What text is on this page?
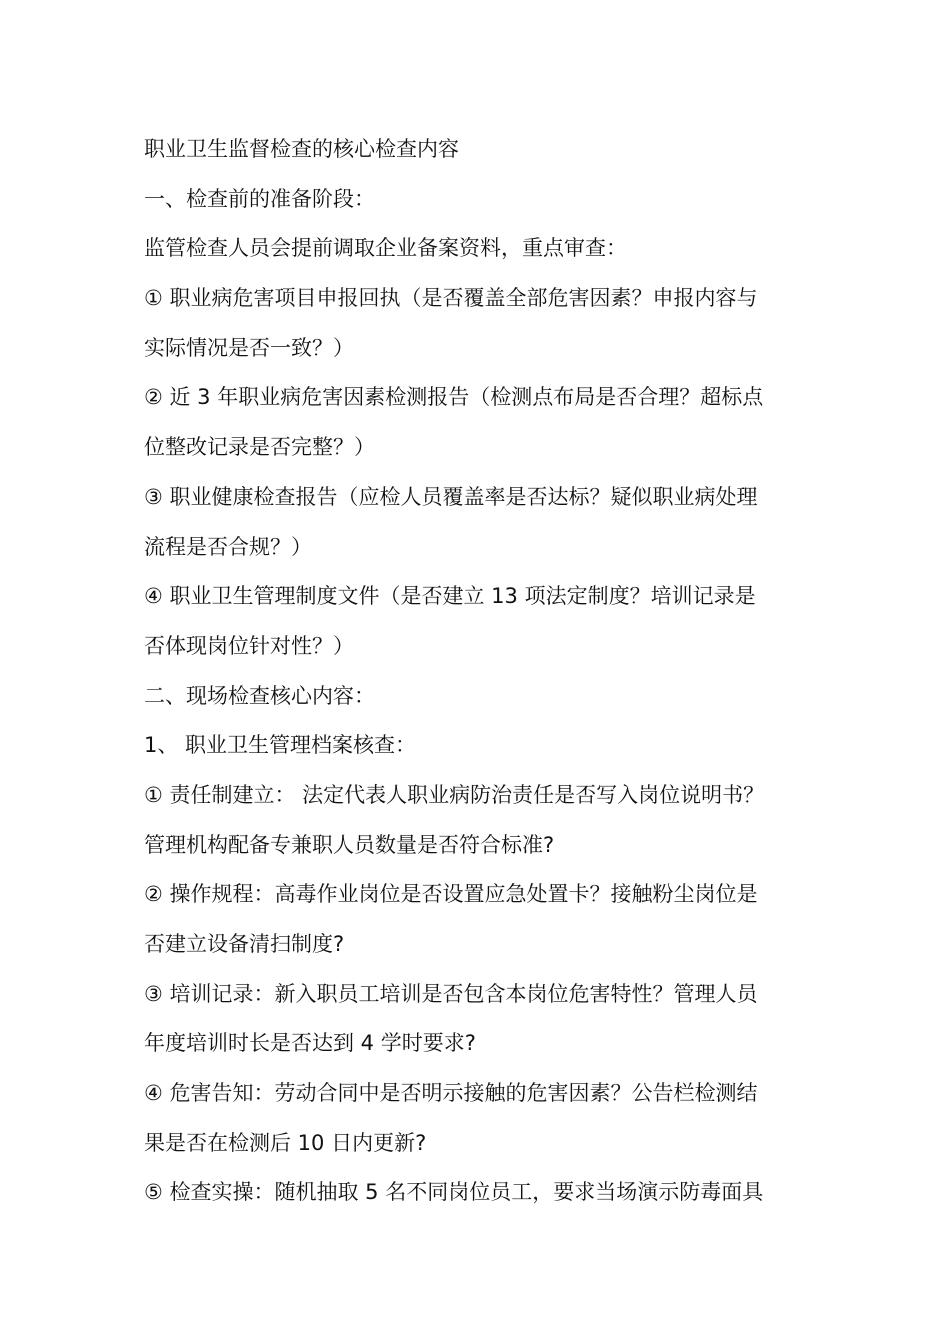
职业卫生监督检查的核心检查内容
一、检查前的准备阶段：
监管检查人员会提前调取企业备案资料，重点审查：
① 职业病危害项目申报回执（是否覆盖全部危害因素？申报内容与
实际情况是否一致？）
② 近 3 年职业病危害因素检测报告（检测点布局是否合理？超标点
位整改记录是否完整？）
③ 职业健康检查报告（应检人员覆盖率是否达标？疑似职业病处理
流程是否合规？）
④ 职业卫生管理制度文件（是否建立 13 项法定制度？培训记录是
否体现岗位针对性？）
二、现场检查核心内容：
1、 职业卫生管理档案核查：
① 责任制建立： 法定代表人职业病防治责任是否写入岗位说明书？
管理机构配备专兼职人员数量是否符合标准?
② 操作规程：高毒作业岗位是否设置应急处置卡？接触粉尘岗位是
否建立设备清扫制度?
③ 培训记录：新入职员工培训是否包含本岗位危害特性？管理人员
年度培训时长是否达到 4 学时要求?
④ 危害告知：劳动合同中是否明示接触的危害因素？公告栏检测结
果是否在检测后 10 日内更新?
⑤ 检查实操：随机抽取 5 名不同岗位员工，要求当场演示防毒面具
